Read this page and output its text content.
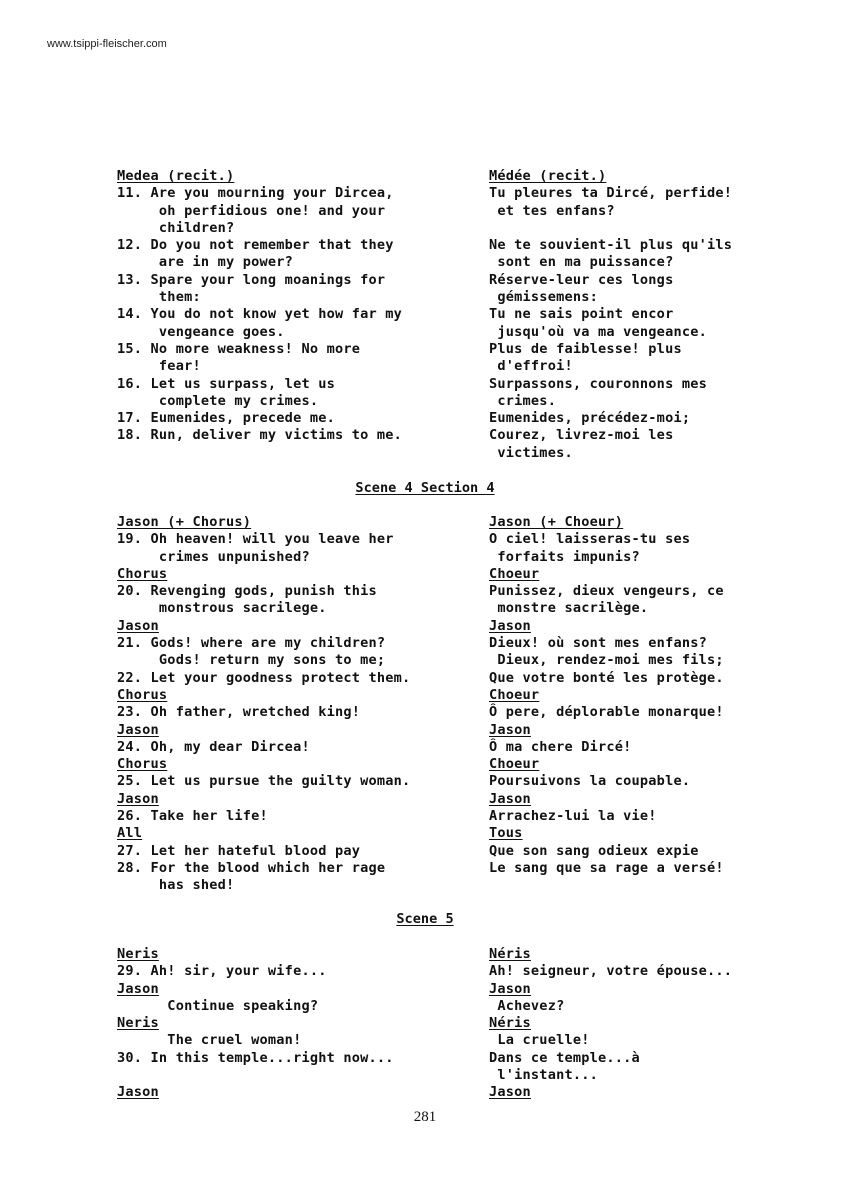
www.tsippi-fleischer.com
Medea (recit.)
11. Are you mourning your Dircea,
oh perfidious one! and your
children?
12. Do you not remember that they
are in my power?
13. Spare your long moanings for
them:
14. You do not know yet how far my
vengeance goes.
15. No more weakness! No more
fear!
16. Let us surpass, let us
complete my crimes.
17. Eumenides, precede me.
18. Run, deliver my victims to me.
Médée (recit.)
Tu pleures ta Dircé, perfide!
et tes enfans?
Ne te souvient-il plus qu'ils
sont en ma puissance?
Réserve-leur ces longs
gémissemens:
Tu ne sais point encor
jusqu'où va ma vengeance.
Plus de faiblesse! plus
d'effroi!
Surpassons, couronnons mes
crimes.
Eumenides, précédez-moi;
Courez, livrez-moi les
victimes.
Scene 4 Section 4
Jason (+ Chorus)
19. Oh heaven! will you leave her
crimes unpunished?
Chorus
20. Revenging gods, punish this
monstrous sacrilege.
Jason
21. Gods! where are my children?
Gods! return my sons to me;
22. Let your goodness protect them.
Chorus
23. Oh father, wretched king!
Jason
24. Oh, my dear Dircea!
Chorus
25. Let us pursue the guilty woman.
Jason
26. Take her life!
All
27. Let her hateful blood pay
28. For the blood which her rage
has shed!
Jason (+ Choeur)
O ciel! laisseras-tu ses
forfaits impunis?
Choeur
Punissez, dieux vengeurs, ce
monstre sacrilège.
Jason
Dieux! où sont mes enfans?
Dieux, rendez-moi mes fils;
Que votre bonté les protège.
Choeur
Ô pere, déplorable monarque!
Jason
Ô ma chere Dircé!
Choeur
Poursuivons la coupable.
Jason
Arrachez-lui la vie!
Tous
Que son sang odieux expie
Le sang que sa rage a versé!
Scene 5
Neris
29. Ah! sir, your wife...
Jason
Continue speaking?
Neris
The cruel woman!
30. In this temple...right now...
Jason
Néris
Ah! seigneur, votre épouse...
Jason
Achevez?
Néris
La cruelle!
Dans ce temple...à
l'instant...
Jason
281
